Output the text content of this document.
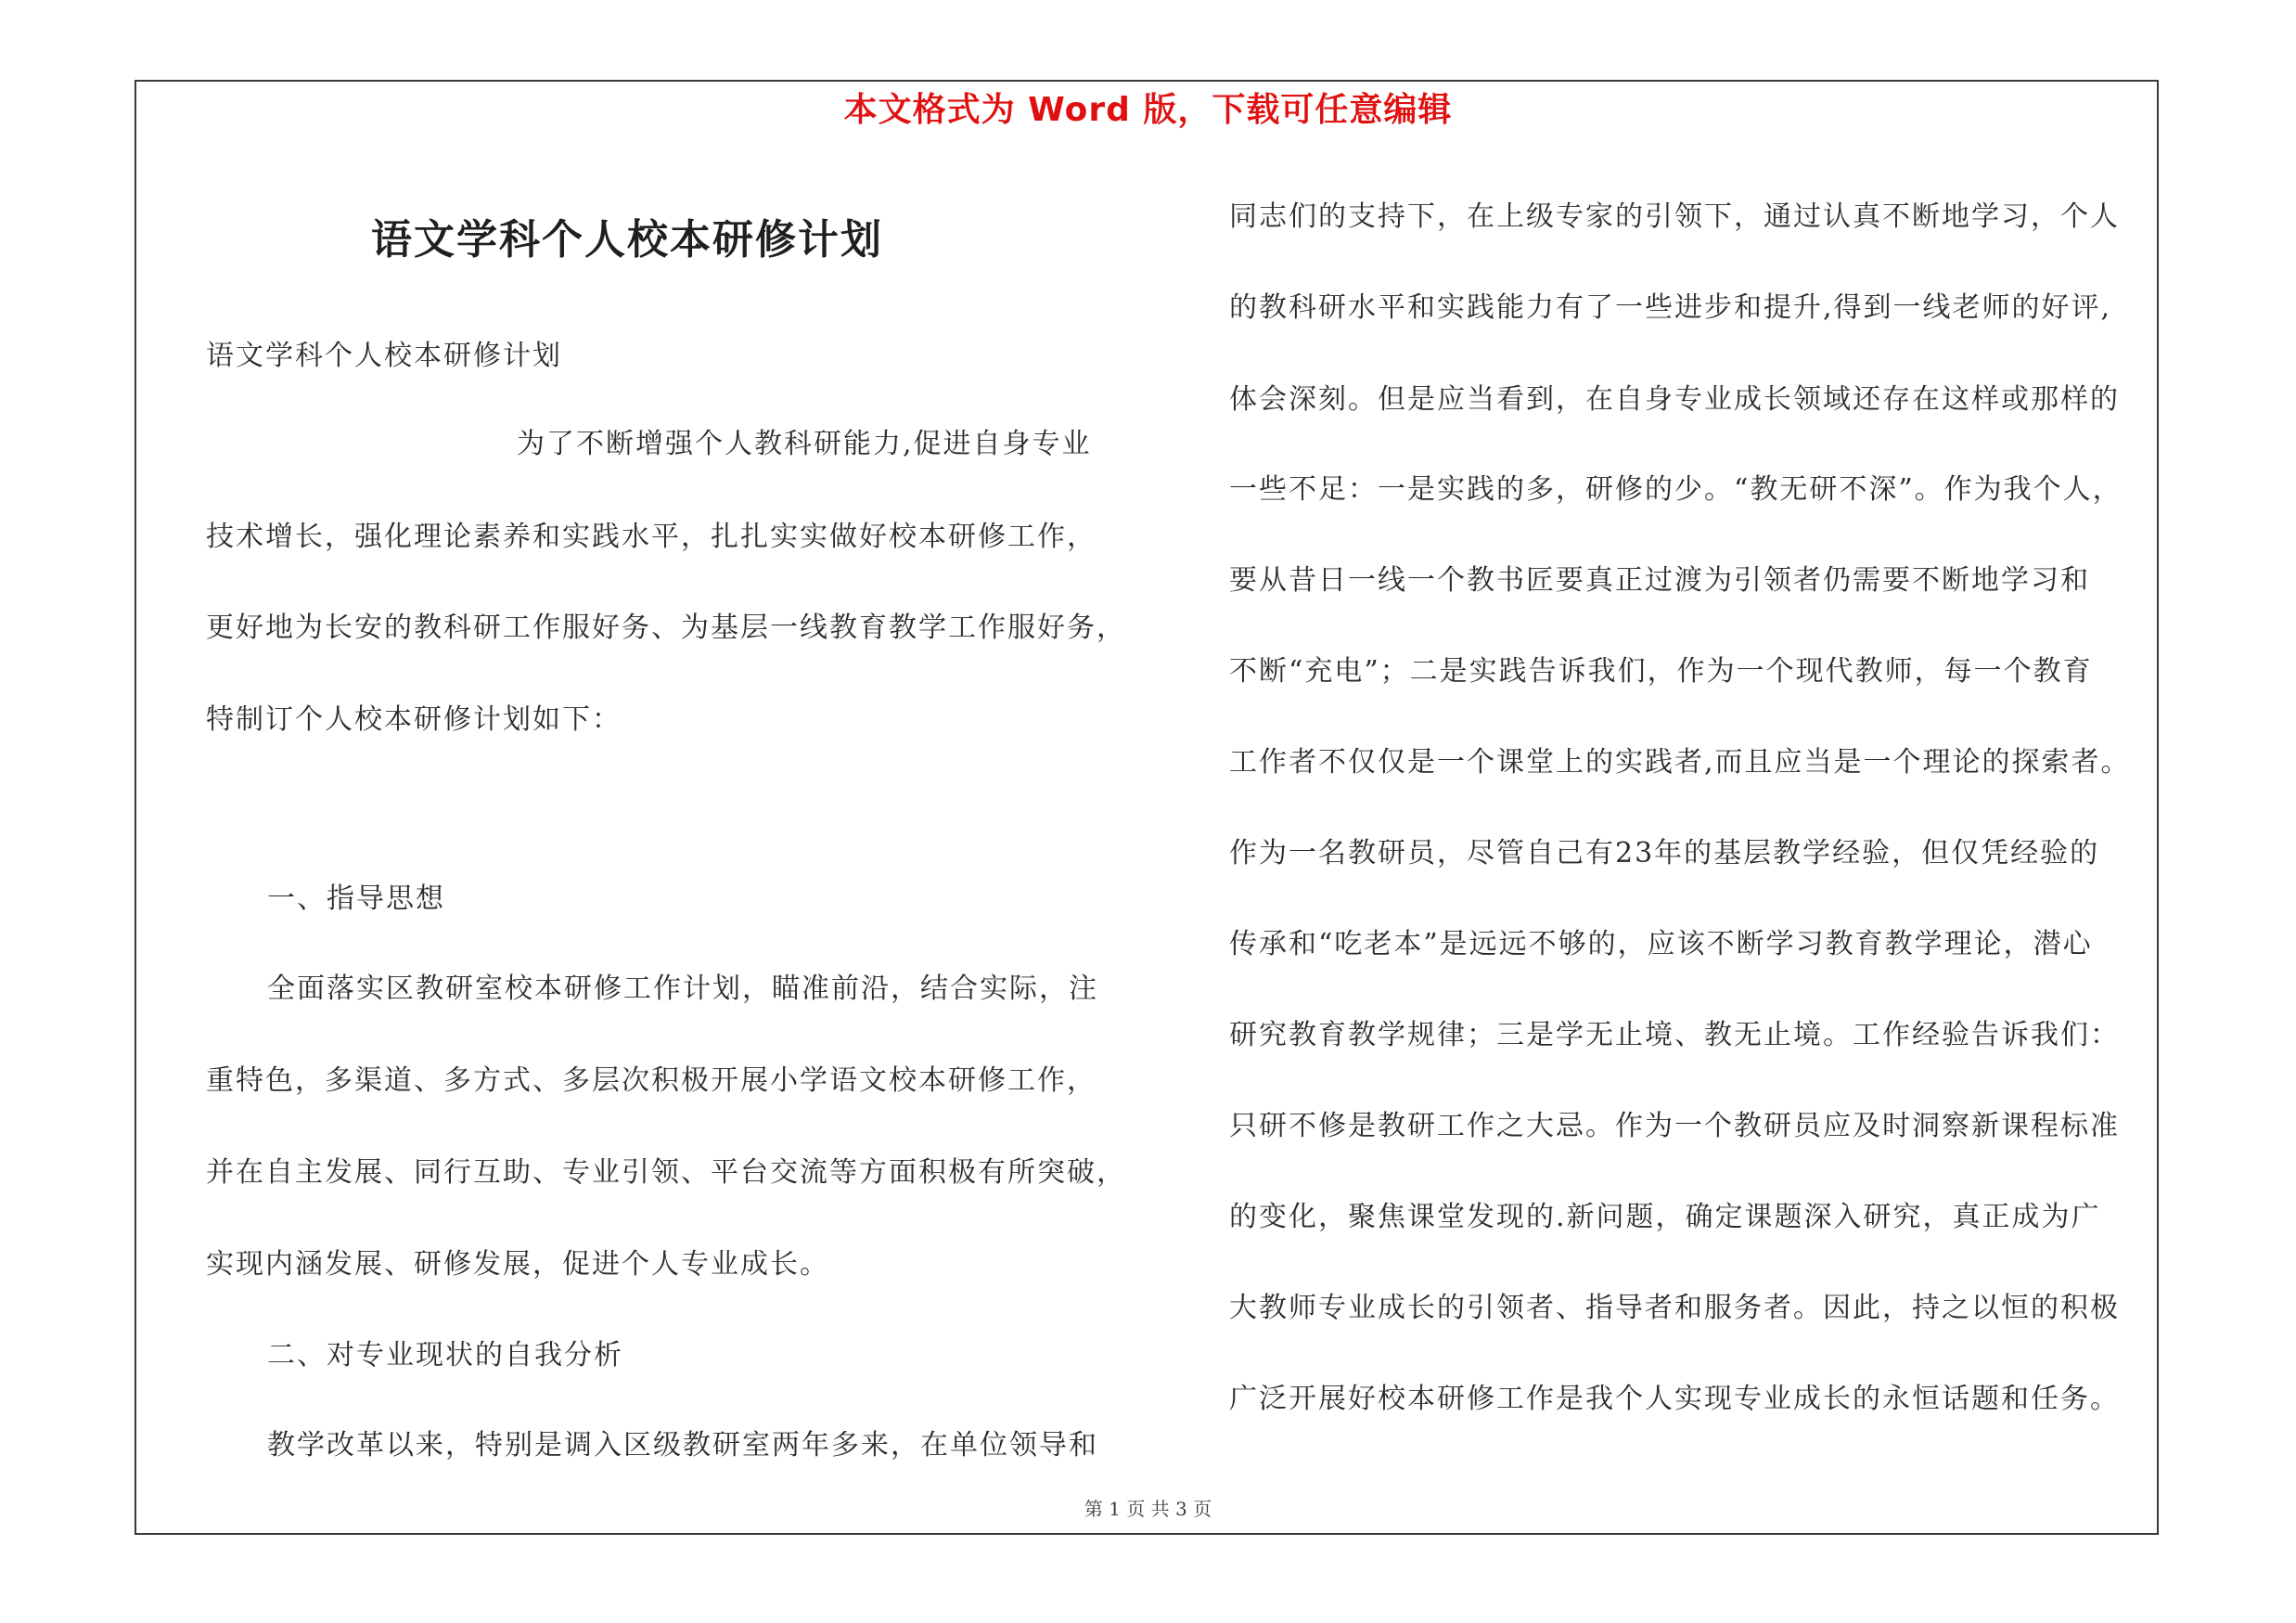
本文格式为 Word 版，下载可任意编辑
语文学科个人校本研修计划
语文学科个人校本研修计划
为了不断增强个人教科研能力,促进自身专业
技术增长，强化理论素养和实践水平，扎扎实实做好校本研修工作，
更好地为长安的教科研工作服好务、为基层一线教育教学工作服好务，
特制订个人校本研修计划如下：
一、指导思想
全面落实区教研室校本研修工作计划，瞄准前沿，结合实际，注
重特色，多渠道、多方式、多层次积极开展小学语文校本研修工作，
并在自主发展、同行互助、专业引领、平台交流等方面积极有所突破，
实现内涵发展、研修发展，促进个人专业成长。
二、对专业现状的自我分析
教学改革以来，特别是调入区级教研室两年多来，在单位领导和
同志们的支持下，在上级专家的引领下，通过认真不断地学习，个人
的教科研水平和实践能力有了一些进步和提升,得到一线老师的好评,
体会深刻。但是应当看到，在自身专业成长领域还存在这样或那样的
一些不足：一是实践的多，研修的少。“教无研不深”。作为我个人，
要从昔日一线一个教书匠要真正过渡为引领者仍需要不断地学习和
不断“充电”；二是实践告诉我们，作为一个现代教师，每一个教育
工作者不仅仅是一个课堂上的实践者,而且应当是一个理论的探索者。
作为一名教研员，尽管自己有23年的基层教学经验，但仅凭经验的
传承和“吃老本”是远远不够的，应该不断学习教育教学理论，潜心
研究教育教学规律；三是学无止境、教无止境。工作经验告诉我们：
只研不修是教研工作之大忌。作为一个教研员应及时洞察新课程标准
的变化，聚焦课堂发现的.新问题，确定课题深入研究，真正成为广
大教师专业成长的引领者、指导者和服务者。因此，持之以恒的积极
广泛开展好校本研修工作是我个人实现专业成长的永恒话题和任务。
第 1 页 共 3 页
